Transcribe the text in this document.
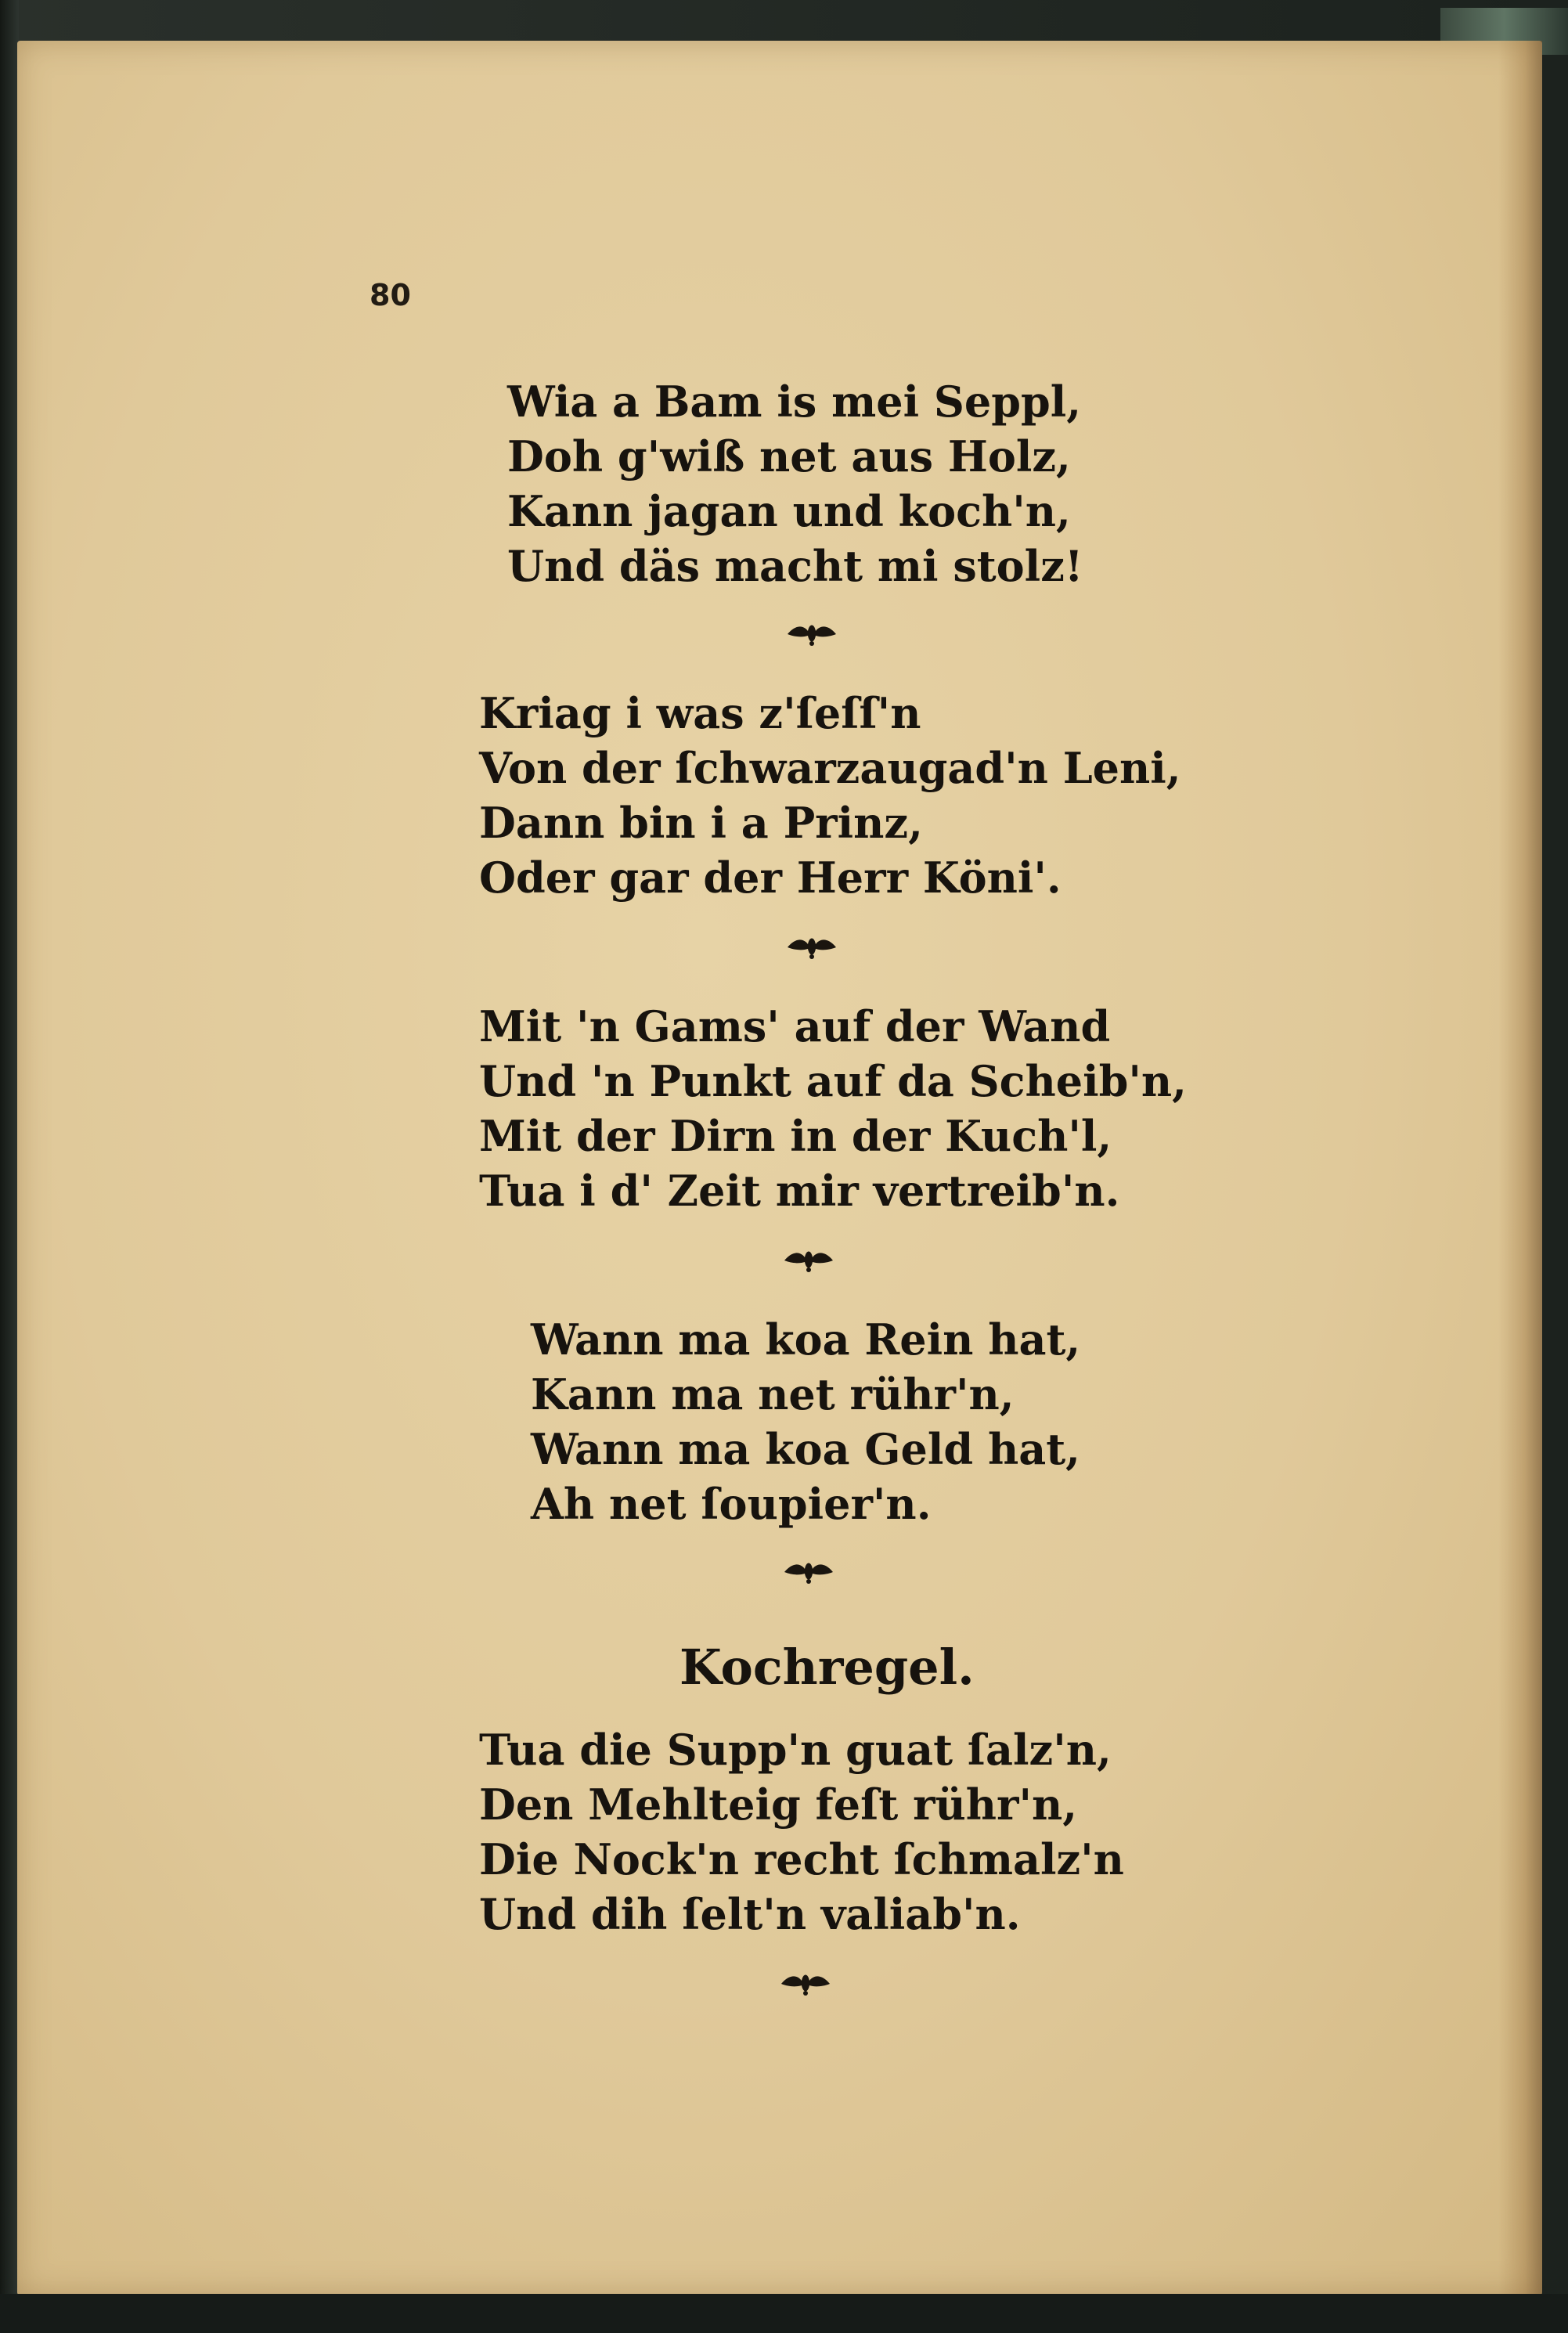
80
Wia a Bam is mei Seppl,
Doh g'wiß net aus Holz,
Kann jagan und koch'n,
Und däs macht mi stolz!
Kriag i was z'ſeſſ'n
Von der ſchwarzaugad'n Leni,
Dann bin i a Prinz,
Oder gar der Herr Köni'.
Mit 'n Gams' auf der Wand
Und 'n Punkt auf da Scheib'n,
Mit der Dirn in der Kuch'l,
Tua i d' Zeit mir vertreib'n.
Wann ma koa Rein hat,
Kann ma net rühr'n,
Wann ma koa Geld hat,
Ah net ſoupier'n.
Kochregel.
Tua die Supp'n guat ſalz'n,
Den Mehlteig feſt rühr'n,
Die Nock'n recht ſchmalz'n
Und dih ſelt'n valiab'n.
